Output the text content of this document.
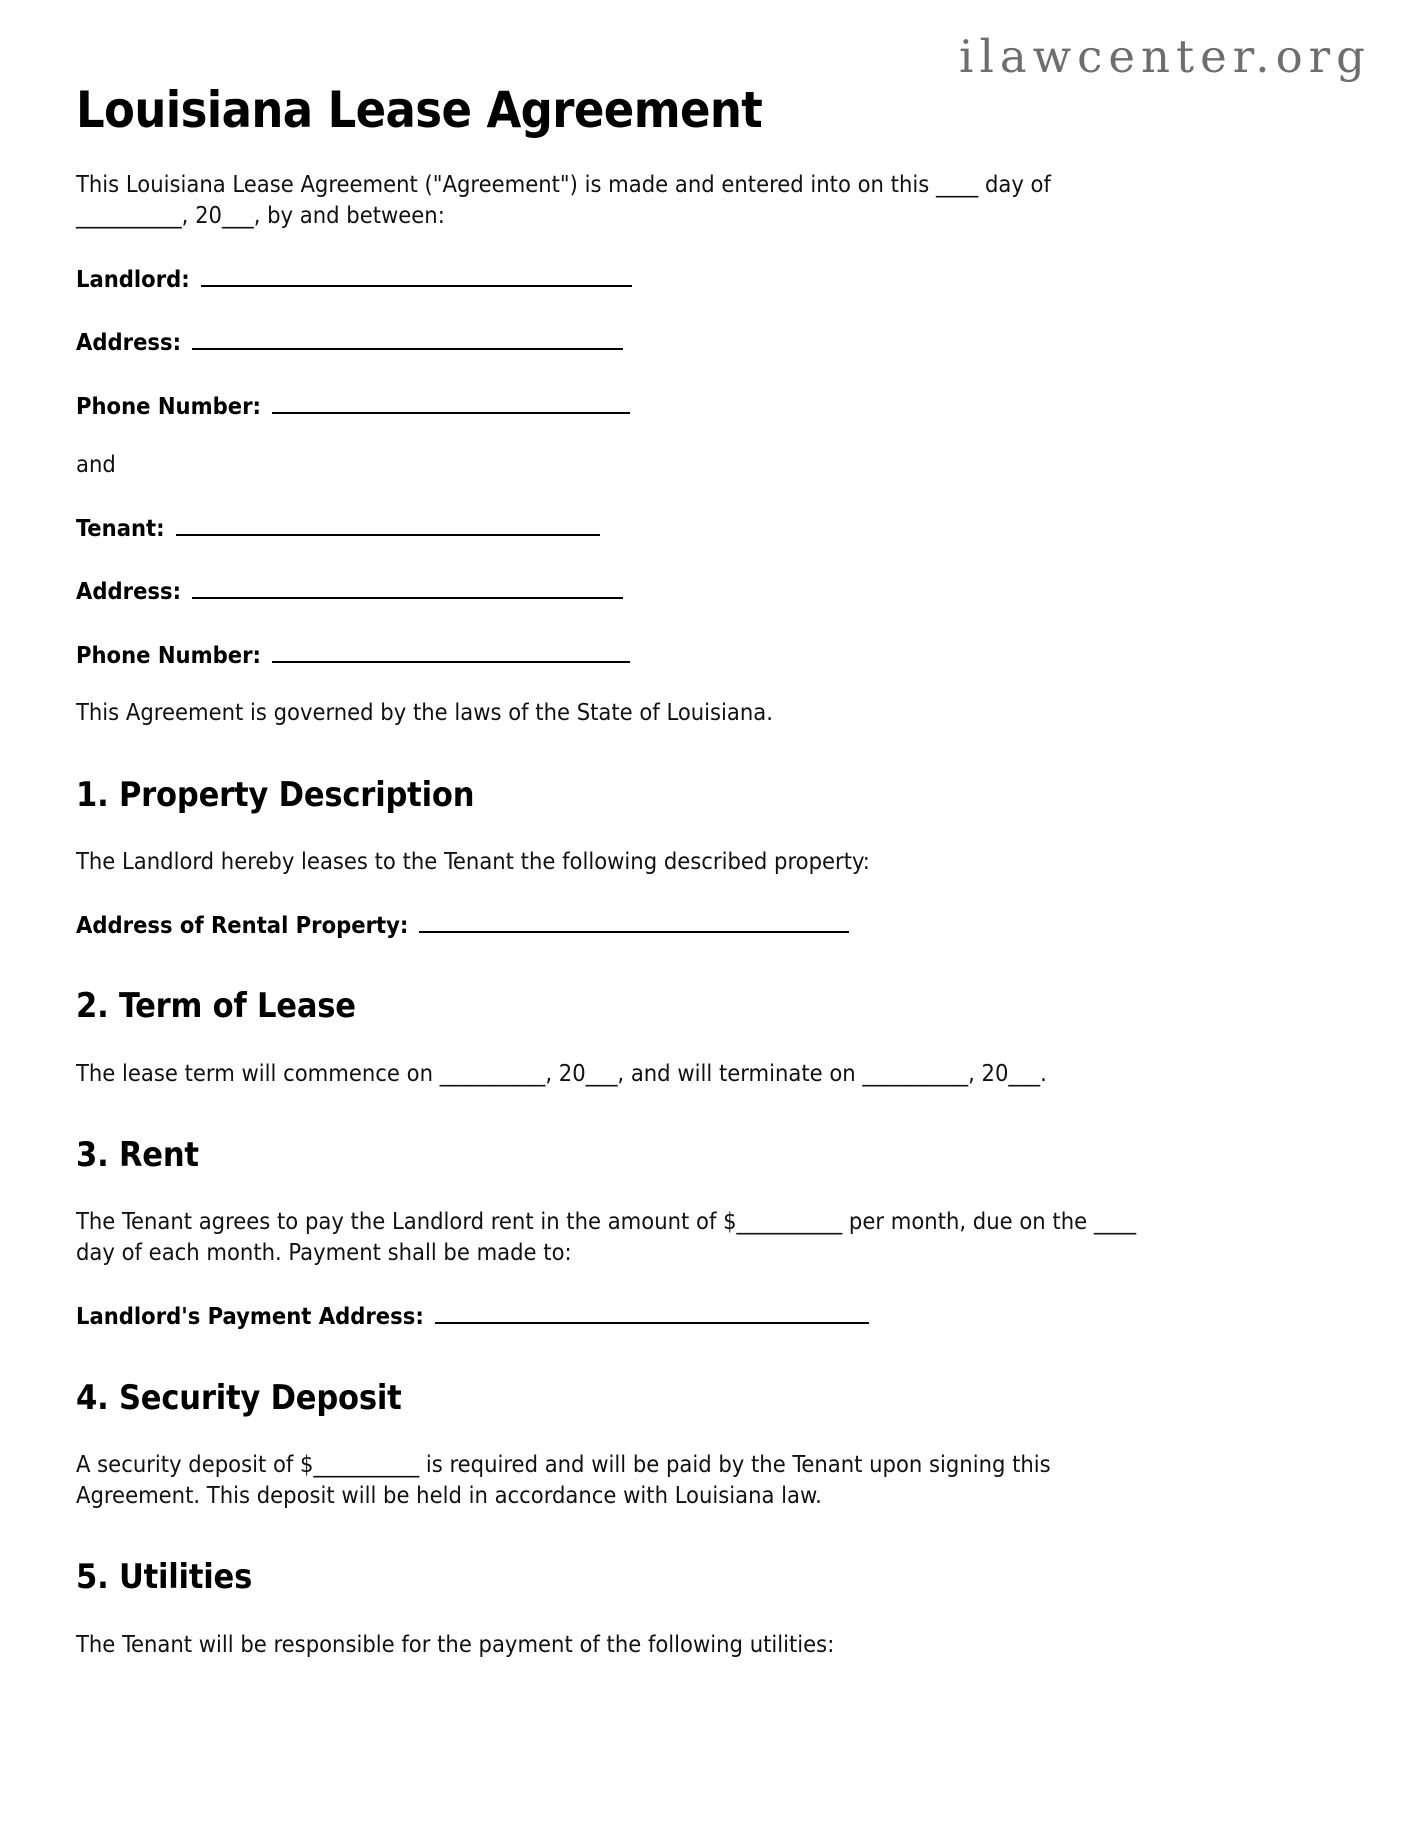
ilawcenter.org
Louisiana Lease Agreement

This Louisiana Lease Agreement ("Agreement") is made and entered into on this ____ day of __________, 20___, by and between:

Landlord:
Address:
Phone Number:

and

Tenant:
Address:
Phone Number:

This Agreement is governed by the laws of the State of Louisiana.

1. Property Description

The Landlord hereby leases to the Tenant the following described property:

Address of Rental Property:
2. Term of Lease

The lease term will commence on __________, 20___, and will terminate on __________, 20___.

3. Rent

The Tenant agrees to pay the Landlord rent in the amount of $__________ per month, due on the ____ day of each month. Payment shall be made to:

Landlord's Payment Address:
4. Security Deposit

A security deposit of $__________ is required and will be paid by the Tenant upon signing this Agreement. This deposit will be held in accordance with Louisiana law.

5. Utilities

The Tenant will be responsible for the payment of the following utilities:
